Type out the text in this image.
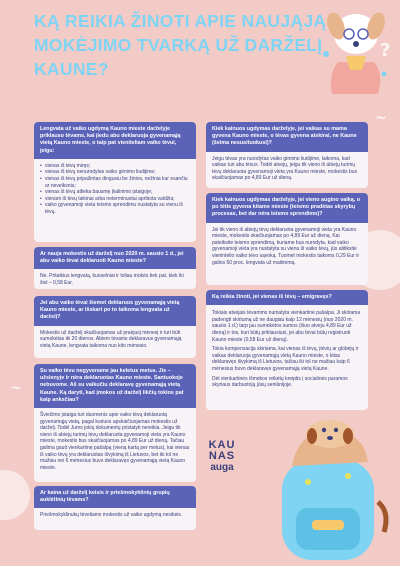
?
~
~
KĄ REIKIA ŽINOTI APIE NAUJĄJĄ MOKĖJIMO TVARKĄ UŽ DARŽELĮ KAUNE?
Lengvata už vaiko ugdymą Kauno mieste darželyje priklauso tėvams, kai jiedu abu deklaruoja gyvenamąją vietą Kauno mieste, o taip pat vieniteliam vaiko tėvui, jeigu:
• vienas iš tėvų miręs;
• vienas iš tėvų nenurodytas vaiko gimimo liudijime;
• vienas iš tėvų pripažintas dingusiu be žinios, nežinia kur esančiu ar neveiksniu;
• vienas iš tėvų atlieka bausmę įkalinimo įstaigoje;
• vienam iš tėvų laikinai arba neterminuotai apribota valdžia;
• vaiko gyvenamoji vieta teismo sprendimu nustatyta su vienu iš tėvų.
Ar nauja mokestis už darželį nuo 2020 m. sausio 1 d., jei abu vaiko tėvai deklaruoti Kauno mieste?
Ne. Pritaikius lengvatą, kuoselniai ir toliau mokės tiek pat, kiek iki šiol – 0,58 Eur.
Jei abu vaiko tėvai šiemet deklaruos gyvenamąją vietą Kauno mieste, ar išskart po to taikoma lengvata už darželį?
Mokestis už darželį skaičiuojamas už praėjusį mėnesį ir turi būti sumokėtas iki 20 dienos. Abiem tėvams deklaravus gyvenamąją vietą Kaune, lengvata taikoma nuo kito mėnesio.
Su vaiko tėvu negyvename jau keletus metus. Jis – užsienyje ir nėra deklaruotas Kauno mieste. Santuokoje nebuvome. Aš su vaikučiu deklaravę gyvenamąją vietą Kaune. Ką daryti, kad įmokos už darželį likčių tokios pat kaip anksčiau?
Šviečimo įstaiga turi duomenis apie vaiko tėvų deklaruotą gyvenamąją vietą, pagal kuriuos apskaičiuojamas mokestis už darželį. Todėl Jums jokių dokumentų pristatyti nereikia. Jeigu tik vieno iš abiejų turimų tėvų deklaruota gyvenamoji vieta yra Kauno mieste, mokestis bus skaičiuojamas po 4,89 Eur už dieną. Tačiau galima gauti vienkartinę pašalpą (vieną kartą per metus), kai vienas iš vaiko tėvų yra deklaruotas išvykimą iš Lietuvos, bet iki tol ne mažiau nei 6 mėnesius buvo deklaravęs gyvenamąją vietą Kauno mieste.
Ar kaina už darželį keisis ir priešmokyklinių grupių auklėtinių tėvams?
Priešmokyklinukų tėveliams mokestis už vaiko ugdymą nesikeis.
Kiek kainuos ugdymas darželyje, jei vaikas su mama gyvena Kauno mieste, o tėvas gyvena atskirai, ne Kaune (šeima nesusituokusi)?
Jeigu tėvas yra nurodytas vaiko gimimo liudijime, laikoma, kad vaikas turi abu tėvus. Todėl atvejų, jeigu tik vieno iš abiejų turimų tėvų deklaruota gyvenamoji vieta yra Kauno mieste, mokestis bus skaičiuojamas po 4,89 Eur už dieną.
Kiek kainuos ugdymas darželyje, jei vieno augino vaiką, o po tėtis gyvena kitame mieste (teismo pradėtas skyrybų procesas, bet dar nėra teismo sprendimo)?
Jei tik vieno iš abiejų tėvų deklaruota gyvenamoji vieta yra Kauno mieste, mokestis skaičiuojamas po 4,89 Eur už dieną. Kai pateiksite teismo sprendimą, kuriame bus nurodyta, kad vaiko gyvenamoji vieta yra nustatyta su vienu iš vaiko tėvų, jūs atitiksite vienintelio vaiko tėvo sąvoką. Tuomet mokestis taikoms 0,29 Eur ir galios 50 proc. lengvata už maitinimą.
Ką reikia žinoti, jei vienas iš tėvų – emigravęs?

Tokiais atvejais tėvamms numatyta vienkartinė pašalpa. Ji skiriama padengti skirtumą už ne daugiau kaip 12 mėnesių (nuo 2020 m. sausio 1 d.) tarp jau sumokėtos sumos (šiuo atveju 4,89 Eur už dieną) ir tos, kuri būtų priklausiusi, jei abu tėvai būtų registruoti Kauno mieste (0,58 Eur už dieną).

Tokia kompensacija skiriama, kai vienas iš tėvų, įtėvių ar globėjų ir vaikas deklaruoja gyvenamąją vietą Kauno mieste, o kitas deklaravęs išvykimą iš Lietuvos, tačiau iki tol ne mažiau kaip 6 mėnesius buvo deklaravęs gyvenamąją vietą Kaune.

Dėl vienkartinės išmokos reikėtų kreiptis į socialinės paramos skyriaus darbuotojų jūsų seniūnijoje.

KAU
NAS
auga
